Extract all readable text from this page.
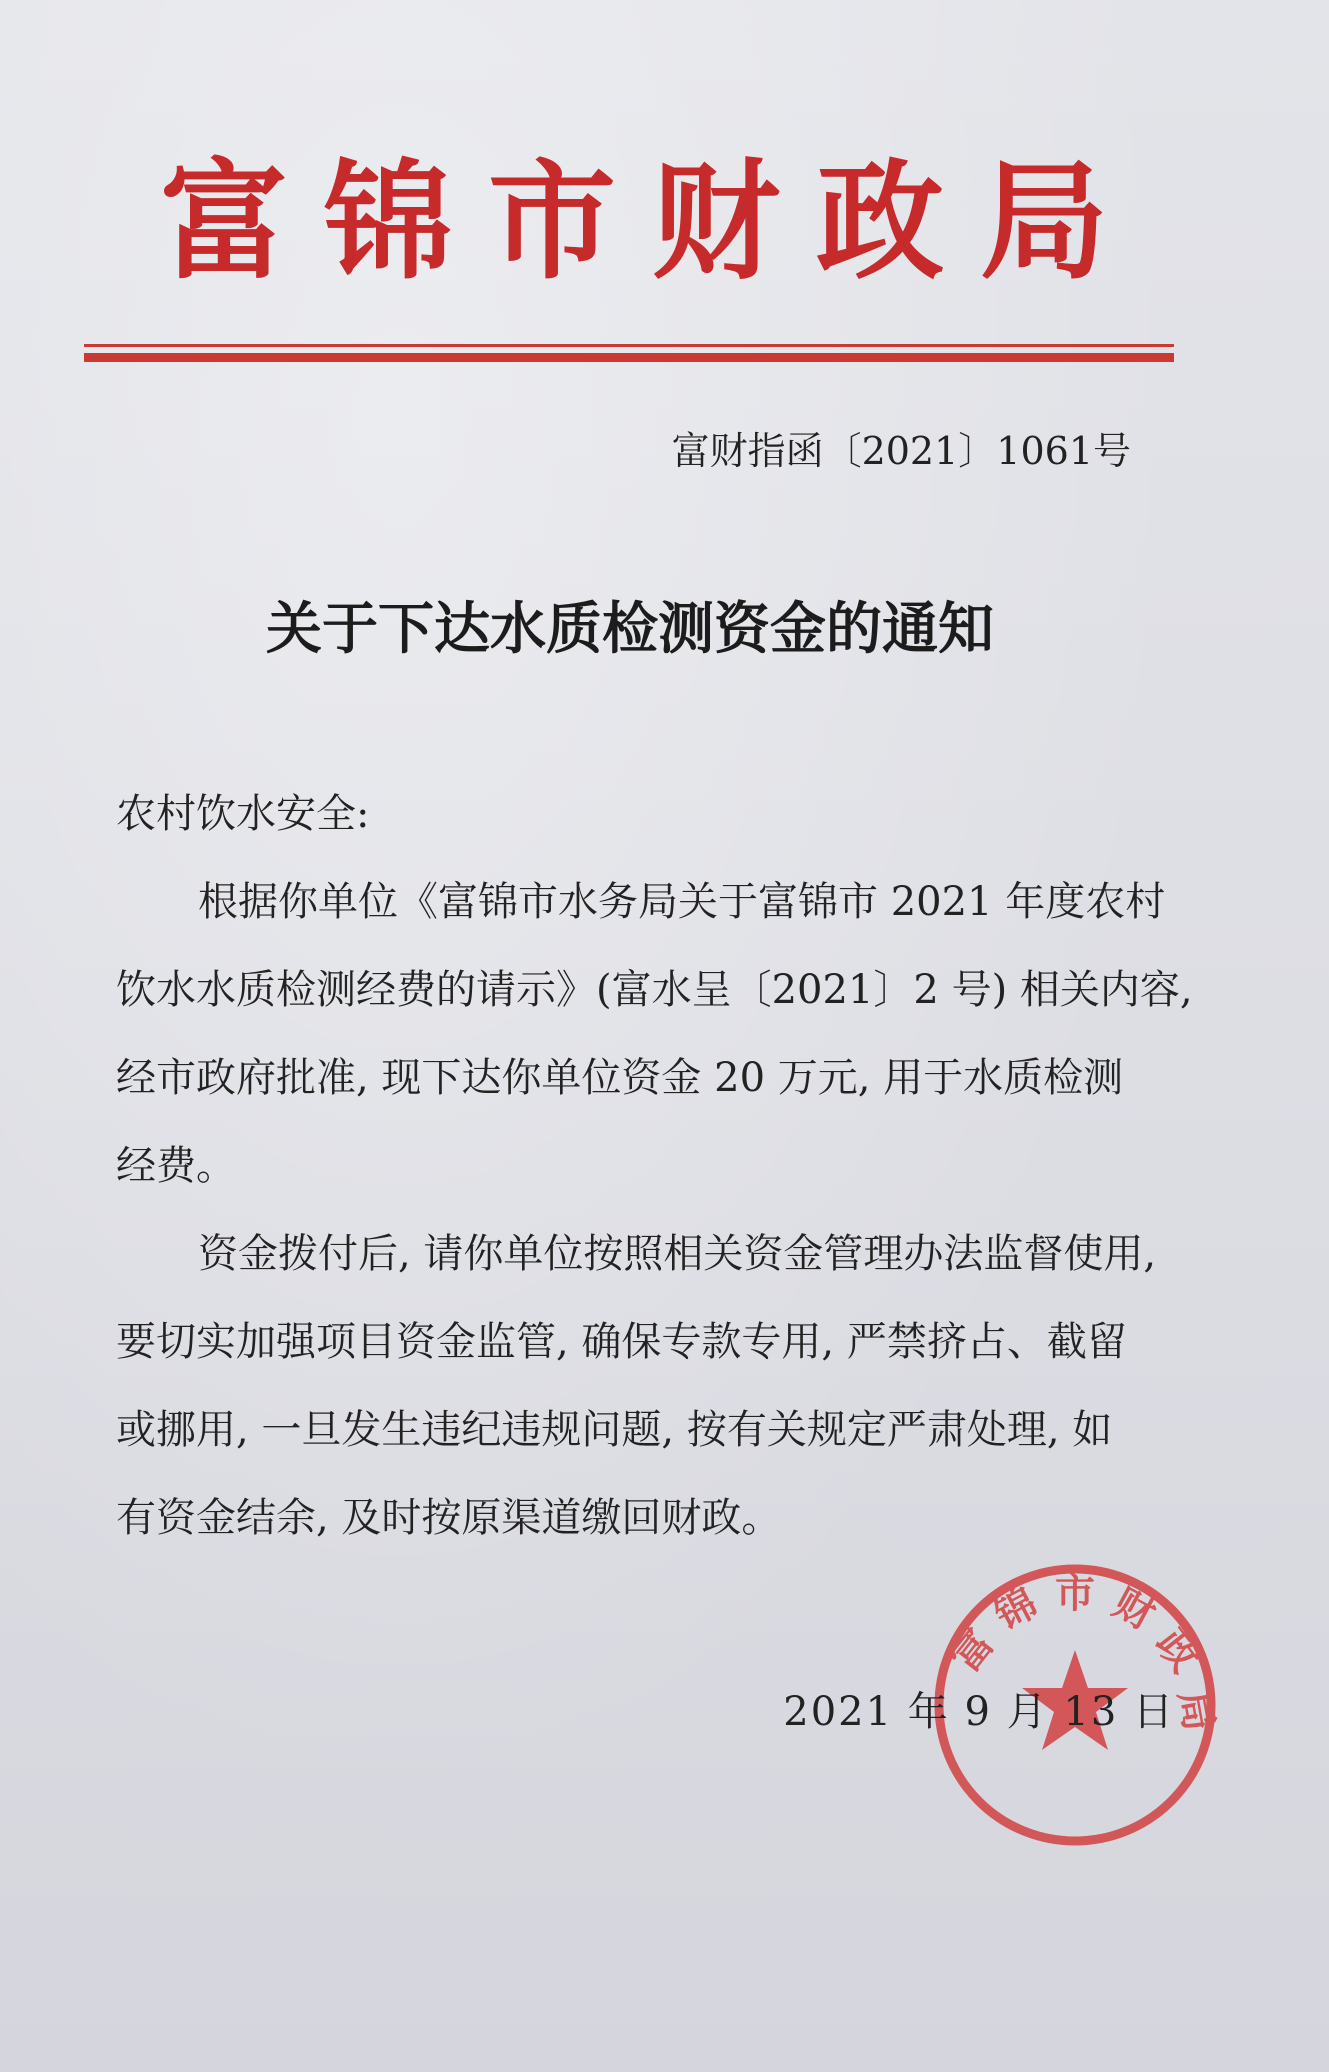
富锦市财政局
富财指函〔2021〕1061号
关于下达水质检测资金的通知
农村饮水安全:
根据你单位《富锦市水务局关于富锦市 2021 年度农村
饮水水质检测经费的请示》(富水呈〔2021〕2 号) 相关内容,
经市政府批准, 现下达你单位资金 20 万元, 用于水质检测
经费。
资金拨付后, 请你单位按照相关资金管理办法监督使用,
要切实加强项目资金监管, 确保专款专用, 严禁挤占、截留
或挪用, 一旦发生违纪违规问题, 按有关规定严肃处理, 如
有资金结余, 及时按原渠道缴回财政。
富
锦 市 财
政
局
2021 年 9 月 13 日
